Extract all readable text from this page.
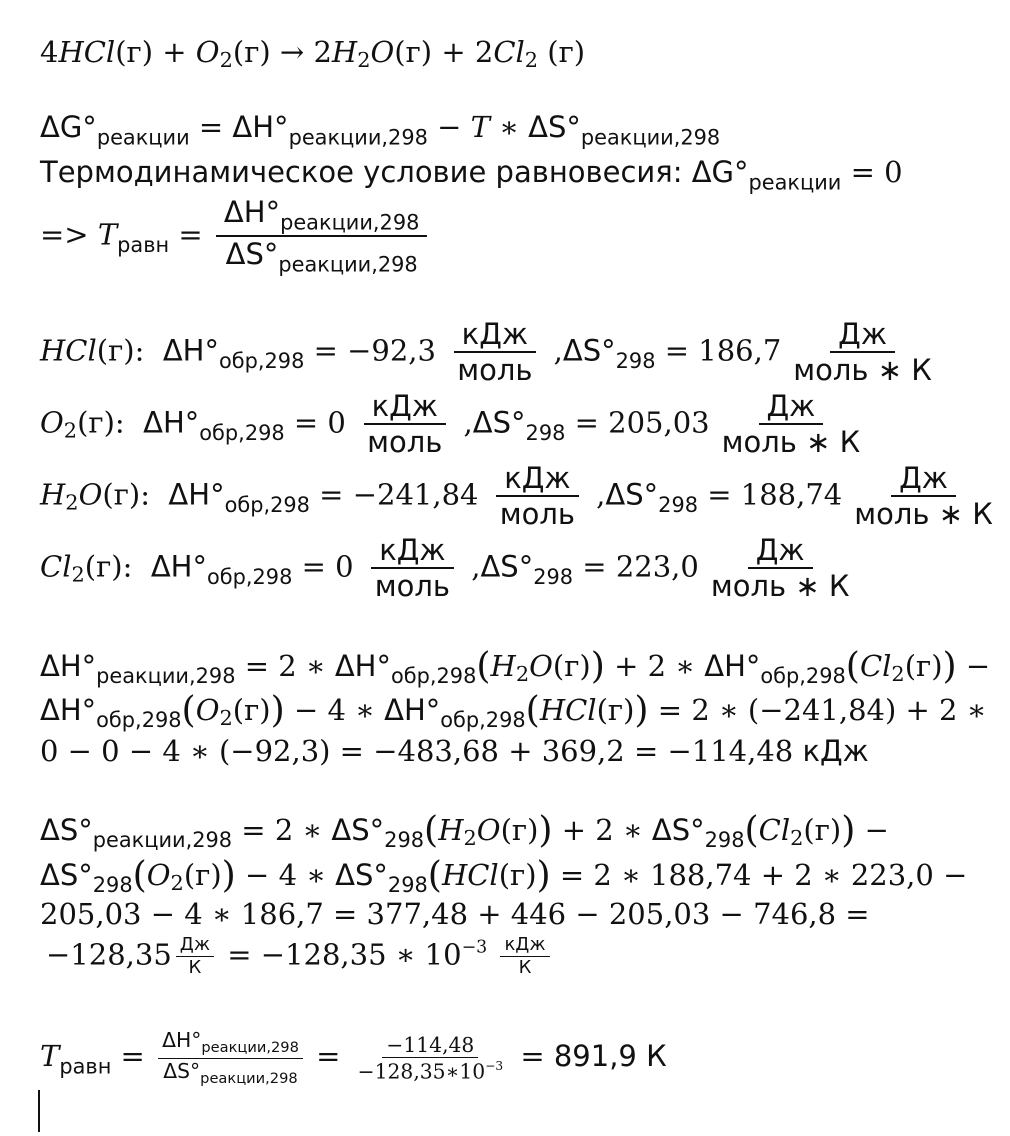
$4HCl(г) + O_2(г) \to 2H_2O(г) + 2Cl_2$ (г)
$\Delta G^\circ_{реакции} = \Delta H^\circ_{реакции,298} - T$ ∗ $\Delta S^\circ_{реакции,298}$
Термодинамическое условие равновесия: $\Delta G^\circ_{реакции} = 0$
=> $T_{равн} = \frac{\Delta H^\circ_{реакции,298}}{\Delta S^\circ_{реакции,298}}$
HCl(г):  $\Delta H^\circ_{обр,298} = -92,3 \frac{\text{кДж}}{\text{моль}} ,\Delta S^\circ_{298} = 186,7 \frac{Дж}{\text{моль ∗ К}}$
$O_2(г)$:  $\Delta H^\circ_{обр,298} = 0 \frac{\text{кДж}}{\text{моль}} ,\Delta S^\circ_{298} = 205,03 \frac{Дж}{\text{моль ∗ К}}$
$H_2O(г)$:  $\Delta H^\circ_{обр,298} = -241,84 \frac{\text{кДж}}{\text{моль}} ,\Delta S^\circ_{298} = 188,74 \frac{Дж}{\text{моль ∗ К}}$
$Cl_2(г)$:  $\Delta H^\circ_{обр,298} = 0 \frac{\text{кДж}}{\text{моль}} ,\Delta S^\circ_{298} = 223,0 \frac{Дж}{\text{моль ∗ К}}$
$\Delta H^\circ_{реакции,298} = 2$ ∗ $\Delta H^\circ_{обр,298}(H_2O(г)) + 2$ ∗ $\Delta H^\circ_{обр,298}(Cl_2(г))$ −
$\Delta H^\circ_{обр,298}(O_2(г)) - 4$ ∗ $\Delta H^\circ_{обр,298}(HCl(г)) = 2$ ∗ (−241,84) + 2 ∗
0 − 0 − 4 ∗ (−92,3) = −483,68 + 369,2 = −114,48 кДж
$\Delta S^\circ_{реакции,298} = 2$ ∗ $\Delta S^\circ_{298}(H_2O(г)) + 2$ ∗ $\Delta S^\circ_{298}(Cl_2(г))$ −
$\Delta S^\circ_{298}(O_2(г)) - 4$ ∗ $\Delta S^\circ_{298}(HCl(г)) = 2$ ∗ 188,74 + 2 ∗ 223,0 −
205,03 − 4 ∗ 186,7 = 377,48 + 446 − 205,03 − 746,8 =
$-128,35 \frac{Дж}{К} = -128,35$ ∗ $10^{-3} \frac{\text{кДж}}{К}$
$T_{равн} = \frac{\Delta H^\circ_{реакции,298}}{\Delta S^\circ_{реакции,298}} = \frac{-114,48}{-128,35∗10^{-3}} = 891,9$ К
